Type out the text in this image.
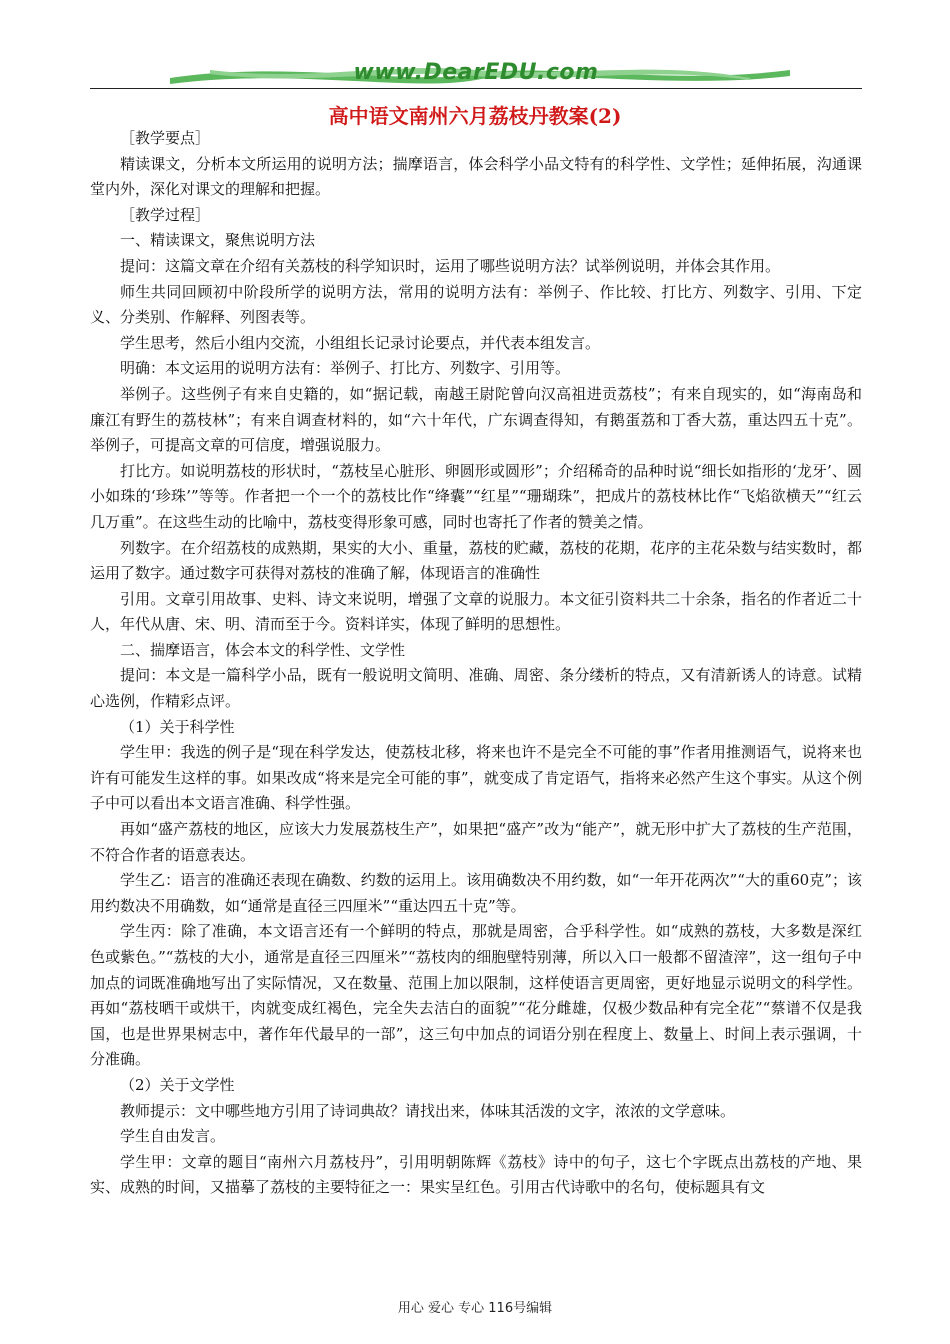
www.DearEDU.com
高中语文南州六月荔枝丹教案(2)

［教学要点］

精读课文，分析本文所运用的说明方法；揣摩语言，体会科学小品文特有的科学性、文学性；延伸拓展，沟通课堂内外，深化对课文的理解和把握。

［教学过程］

一、精读课文，聚焦说明方法

提问：这篇文章在介绍有关荔枝的科学知识时，运用了哪些说明方法？试举例说明，并体会其作用。

师生共同回顾初中阶段所学的说明方法，常用的说明方法有：举例子、作比较、打比方、列数字、引用、下定义、分类别、作解释、列图表等。

学生思考，然后小组内交流，小组组长记录讨论要点，并代表本组发言。

明确：本文运用的说明方法有：举例子、打比方、列数字、引用等。

举例子。这些例子有来自史籍的，如“据记载，南越王尉陀曾向汉高祖进贡荔枝”；有来自现实的，如“海南岛和廉江有野生的荔枝林”；有来自调查材料的，如“六十年代，广东调查得知，有鹅蛋荔和丁香大荔，重达四五十克”。举例子，可提高文章的可信度，增强说服力。

打比方。如说明荔枝的形状时，“荔枝呈心脏形、卵圆形或圆形”；介绍稀奇的品种时说“细长如指形的‘龙牙’、圆小如珠的‘珍珠’”等等。作者把一个一个的荔枝比作“绛囊”“红星”“珊瑚珠”，把成片的荔枝林比作“飞焰欲横天”“红云几万重”。在这些生动的比喻中，荔枝变得形象可感，同时也寄托了作者的赞美之情。

列数字。在介绍荔枝的成熟期，果实的大小、重量，荔枝的贮藏，荔枝的花期，花序的主花朵数与结实数时，都运用了数字。通过数字可获得对荔枝的准确了解，体现语言的准确性

引用。文章引用故事、史料、诗文来说明，增强了文章的说服力。本文征引资料共二十余条，指名的作者近二十人，年代从唐、宋、明、清而至于今。资料详实，体现了鲜明的思想性。

二、揣摩语言，体会本文的科学性、文学性

提问：本文是一篇科学小品，既有一般说明文简明、准确、周密、条分缕析的特点，又有清新诱人的诗意。试精心选例，作精彩点评。

（1）关于科学性

学生甲：我选的例子是“现在科学发达，使荔枝北移，将来也许不是完全不可能的事”作者用推测语气，说将来也许有可能发生这样的事。如果改成“将来是完全可能的事”，就变成了肯定语气，指将来必然产生这个事实。从这个例子中可以看出本文语言准确、科学性强。

再如“盛产荔枝的地区，应该大力发展荔枝生产”，如果把“盛产”改为“能产”，就无形中扩大了荔枝的生产范围，不符合作者的语意表达。

学生乙：语言的准确还表现在确数、约数的运用上。该用确数决不用约数，如“一年开花两次”“大的重60克”；该用约数决不用确数，如“通常是直径三四厘米”“重达四五十克”等。

学生丙：除了准确，本文语言还有一个鲜明的特点，那就是周密，合乎科学性。如“成熟的荔枝，大多数是深红色或紫色。”“荔枝的大小，通常是直径三四厘米”“荔枝肉的细胞壁特别薄，所以入口一般都不留渣滓”，这一组句子中加点的词既准确地写出了实际情况，又在数量、范围上加以限制，这样使语言更周密，更好地显示说明文的科学性。再如“荔枝晒干或烘干，肉就变成红褐色，完全失去洁白的面貌”“花分雌雄，仅极少数品种有完全花”“蔡谱不仅是我国，也是世界果树志中，著作年代最早的一部”，这三句中加点的词语分别在程度上、数量上、时间上表示强调，十分准确。

（2）关于文学性

教师提示：文中哪些地方引用了诗词典故？请找出来，体味其活泼的文字，浓浓的文学意味。

学生自由发言。

学生甲：文章的题目“南州六月荔枝丹”，引用明朝陈辉《荔枝》诗中的句子，这七个字既点出荔枝的产地、果实、成熟的时间，又描摹了荔枝的主要特征之一：果实呈红色。引用古代诗歌中的名句，使标题具有文

用心 爱心 专心 116号编辑
